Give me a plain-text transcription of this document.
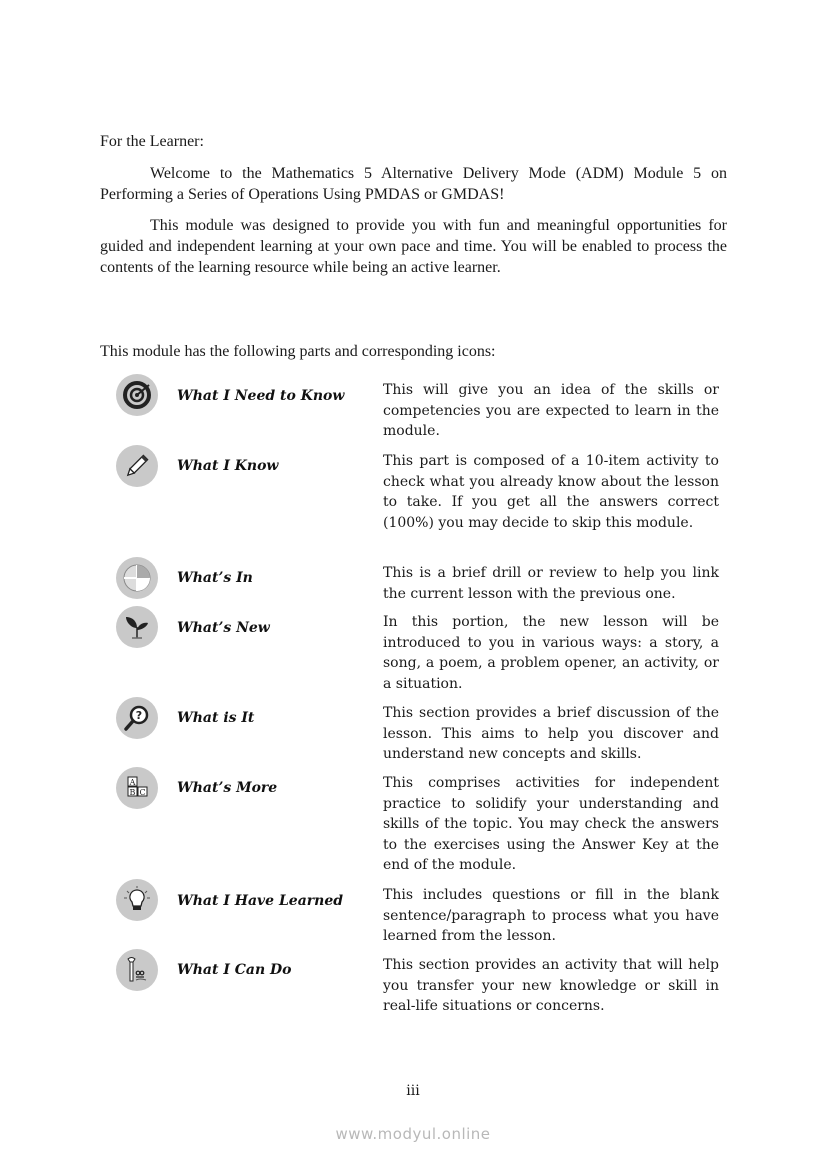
For the Learner:
Welcome to the Mathematics 5 Alternative Delivery Mode (ADM) Module 5 on Performing a Series of Operations Using PMDAS or GMDAS!
This module was designed to provide you with fun and meaningful opportunities for guided and independent learning at your own pace and time. You will be enabled to process the contents of the learning resource while being an active learner.
This module has the following parts and corresponding icons:
What I Need to Know	This will give you an idea of the skills or competencies you are expected to learn in the module.
What I Know	This part is composed of a 10-item activity to check what you already know about the lesson to take. If you get all the answers correct (100%) you may decide to skip this module.
What’s In	This is a brief drill or review to help you link the current lesson with the previous one.
What’s New	In this portion, the new lesson will be introduced to you in various ways: a story, a song, a poem, a problem opener, an activity, or a situation.
? What is It	This section provides a brief discussion of the lesson. This aims to help you discover and understand new concepts and skills.
A
B C What’s More	This comprises activities for independent practice to solidify your understanding and skills of the topic. You may check the answers to the exercises using the Answer Key at the end of the module.
What I Have Learned	This includes questions or fill in the blank sentence/paragraph to process what you have learned from the lesson.
What I Can Do	This section provides an activity that will help you transfer your new knowledge or skill in real-life situations or concerns.
iii
www.modyul.online
